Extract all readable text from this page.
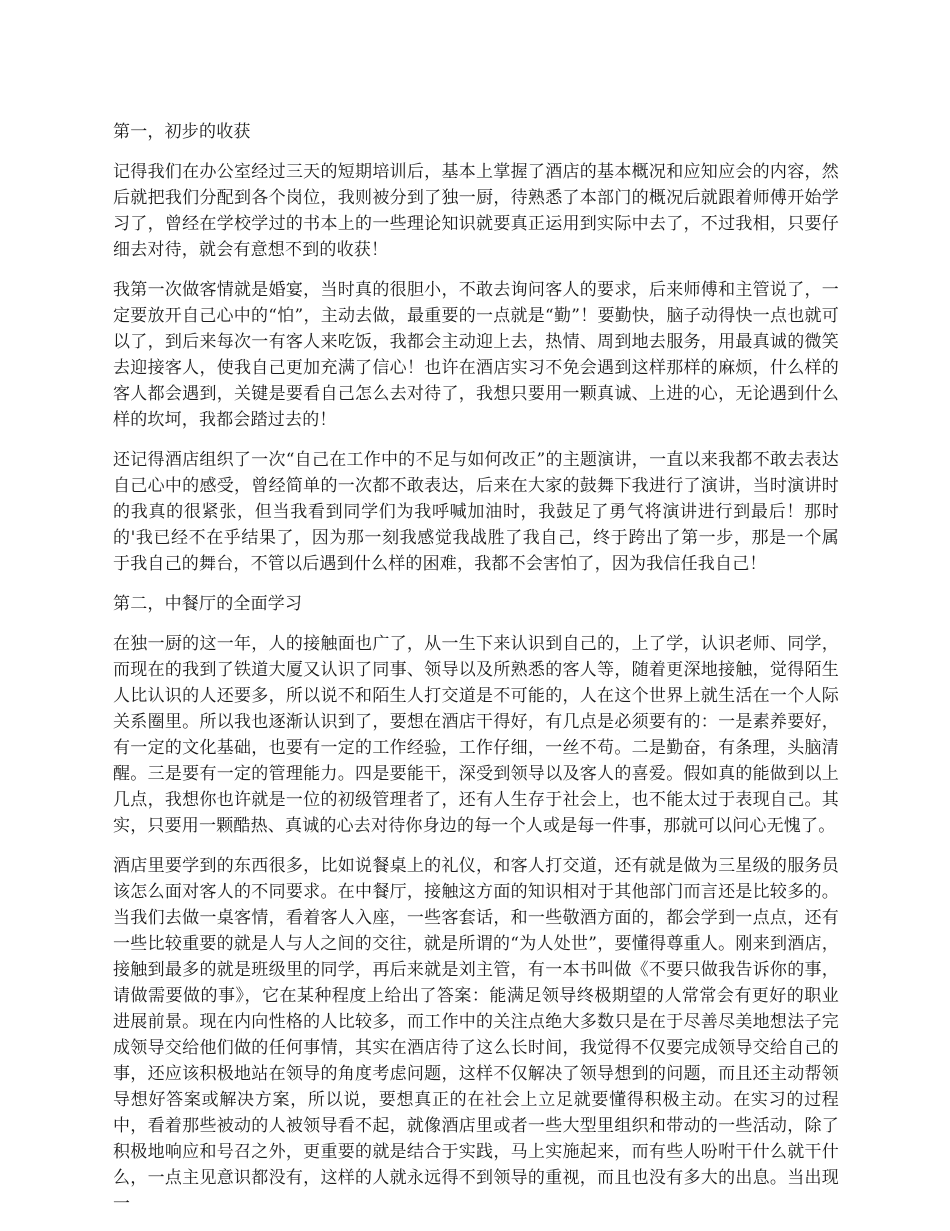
第一，初步的收获

记得我们在办公室经过三天的短期培训后，基本上掌握了酒店的基本概况和应知应会的内容，然后就把我们分配到各个岗位，我则被分到了独一厨，待熟悉了本部门的概况后就跟着师傅开始学习了，曾经在学校学过的书本上的一些理论知识就要真正运用到实际中去了，不过我相，只要仔细去对待，就会有意想不到的收获！

我第一次做客情就是婚宴，当时真的很胆小，不敢去询问客人的要求，后来师傅和主管说了，一定要放开自己心中的“怕”，主动去做，最重要的一点就是“勤”！要勤快，脑子动得快一点也就可以了，到后来每次一有客人来吃饭，我都会主动迎上去，热情、周到地去服务，用最真诚的微笑去迎接客人，使我自己更加充满了信心！也许在酒店实习不免会遇到这样那样的麻烦，什么样的客人都会遇到，关键是要看自己怎么去对待了，我想只要用一颗真诚、上进的心，无论遇到什么样的坎坷，我都会踏过去的！

还记得酒店组织了一次“自己在工作中的不足与如何改正”的主题演讲，一直以来我都不敢去表达自己心中的感受，曾经简单的一次都不敢表达，后来在大家的鼓舞下我进行了演讲，当时演讲时的我真的很紧张，但当我看到同学们为我呼喊加油时，我鼓足了勇气将演讲进行到最后！那时的'我已经不在乎结果了，因为那一刻我感觉我战胜了我自己，终于跨出了第一步，那是一个属于我自己的舞台，不管以后遇到什么样的困难，我都不会害怕了，因为我信任我自己！

第二，中餐厅的全面学习

在独一厨的这一年，人的接触面也广了，从一生下来认识到自己的，上了学，认识老师、同学，而现在的我到了铁道大厦又认识了同事、领导以及所熟悉的客人等，随着更深地接触，觉得陌生人比认识的人还要多，所以说不和陌生人打交道是不可能的，人在这个世界上就生活在一个人际关系圈里。所以我也逐渐认识到了，要想在酒店干得好，有几点是必须要有的：一是素养要好，有一定的文化基础，也要有一定的工作经验，工作仔细，一丝不苟。二是勤奋，有条理，头脑清醒。三是要有一定的管理能力。四是要能干，深受到领导以及客人的喜爱。假如真的能做到以上几点，我想你也许就是一位的初级管理者了，还有人生存于社会上，也不能太过于表现自己。其实，只要用一颗酷热、真诚的心去对待你身边的每一个人或是每一件事，那就可以问心无愧了。

酒店里要学到的东西很多，比如说餐桌上的礼仪，和客人打交道，还有就是做为三星级的服务员该怎么面对客人的不同要求。在中餐厅，接触这方面的知识相对于其他部门而言还是比较多的。当我们去做一桌客情，看着客人入座，一些客套话，和一些敬酒方面的，都会学到一点点，还有一些比较重要的就是人与人之间的交往，就是所谓的“为人处世”，要懂得尊重人。刚来到酒店，接触到最多的就是班级里的同学，再后来就是刘主管，有一本书叫做《不要只做我告诉你的事，请做需要做的事》，它在某种程度上给出了答案：能满足领导终极期望的人常常会有更好的职业进展前景。现在内向性格的人比较多，而工作中的关注点绝大多数只是在于尽善尽美地想法子完成领导交给他们做的任何事情，其实在酒店待了这么长时间，我觉得不仅要完成领导交给自己的事，还应该积极地站在领导的角度考虑问题，这样不仅解决了领导想到的问题，而且还主动帮领导想好答案或解决方案，所以说，要想真正的在社会上立足就要懂得积极主动。在实习的过程中，看着那些被动的人被领导看不起，就像酒店里或者一些大型里组织和带动的一些活动，除了积极地响应和号召之外，更重要的就是结合于实践，马上实施起来，而有些人吩咐干什么就干什么，一点主见意识都没有，这样的人就永远得不到领导的重视，而且也没有多大的出息。当出现一
